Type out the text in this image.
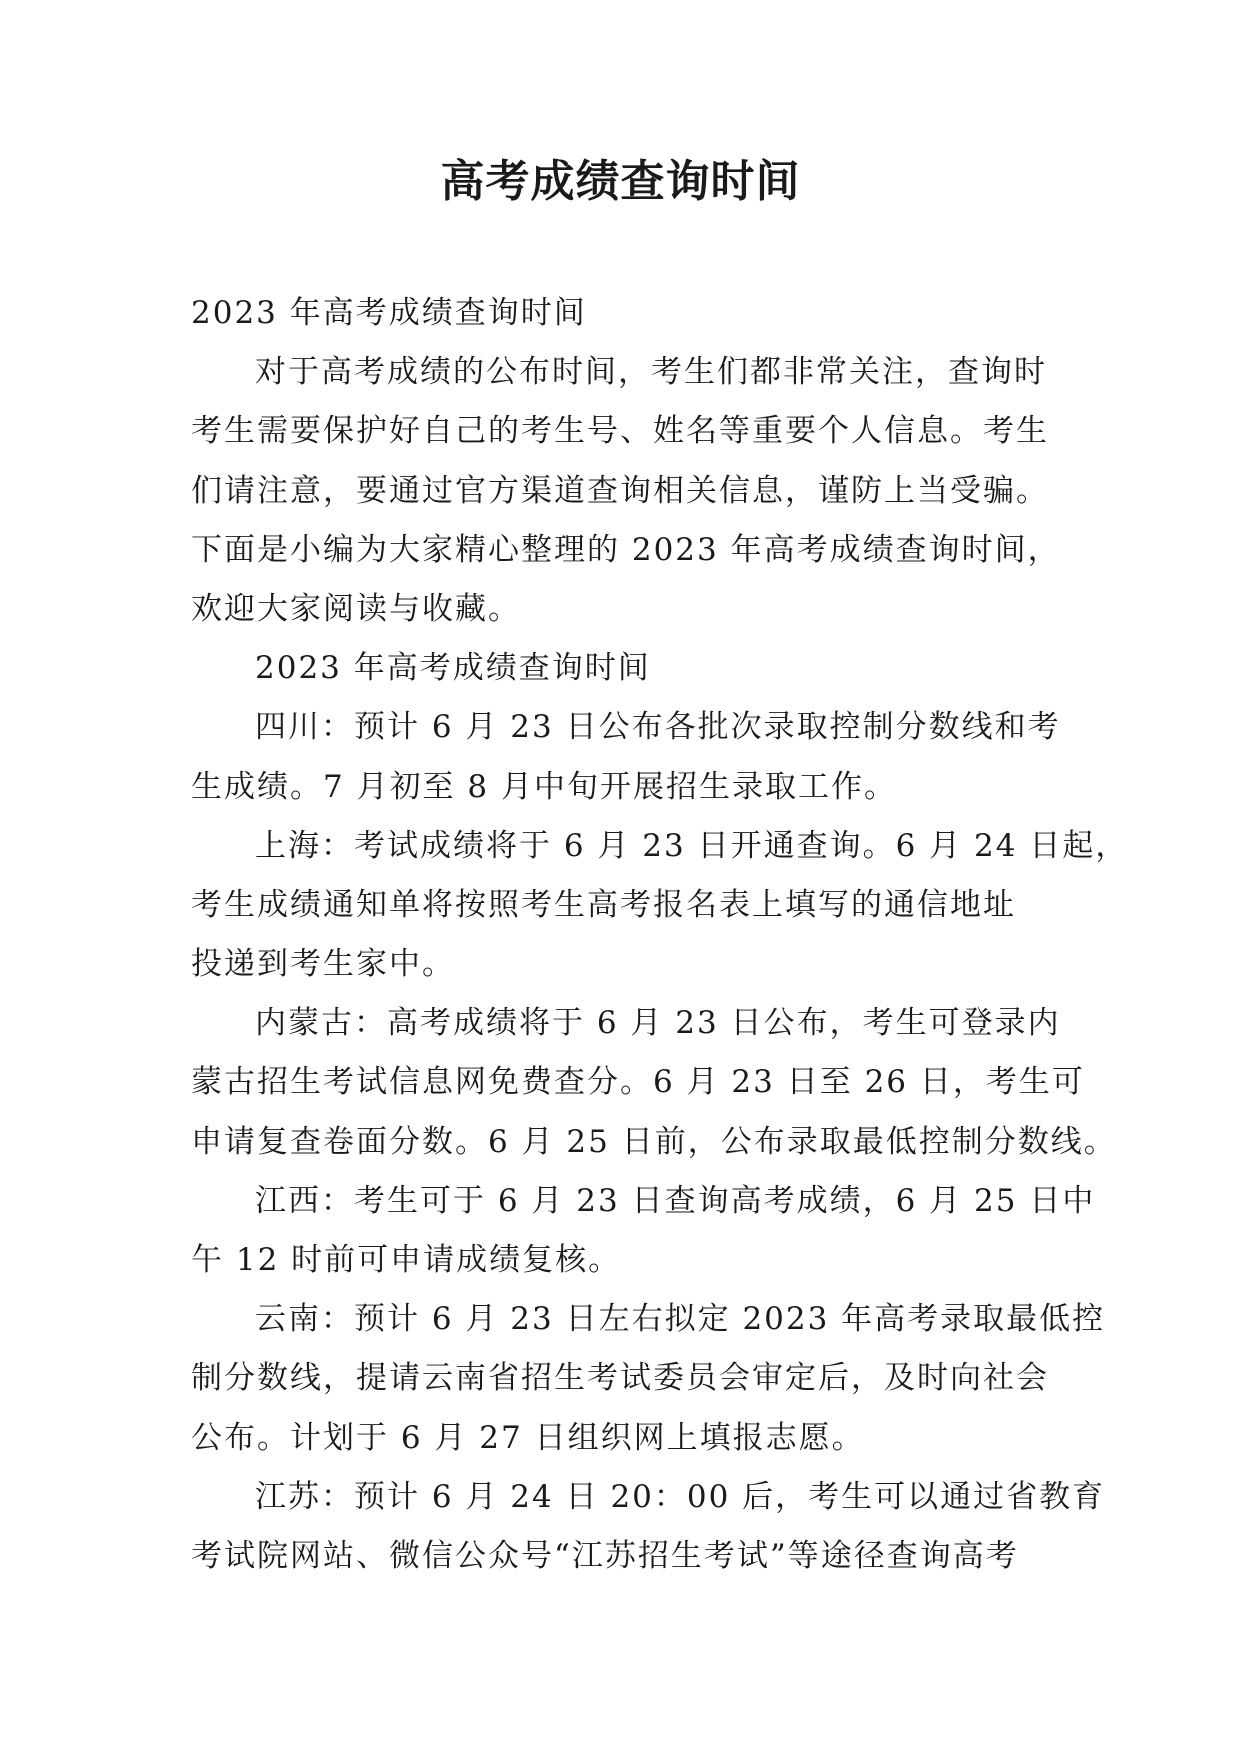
高考成绩查询时间
2023 年高考成绩查询时间
对于高考成绩的公布时间，考生们都非常关注，查询时
考生需要保护好自己的考生号、姓名等重要个人信息。考生
们请注意，要通过官方渠道查询相关信息，谨防上当受骗。
下面是小编为大家精心整理的 2023 年高考成绩查询时间，
欢迎大家阅读与收藏。
2023 年高考成绩查询时间
四川：预计 6 月 23 日公布各批次录取控制分数线和考
生成绩。7 月初至 8 月中旬开展招生录取工作。
上海：考试成绩将于 6 月 23 日开通查询。6 月 24 日起，
考生成绩通知单将按照考生高考报名表上填写的通信地址
投递到考生家中。
内蒙古：高考成绩将于 6 月 23 日公布，考生可登录内
蒙古招生考试信息网免费查分。6 月 23 日至 26 日，考生可
申请复查卷面分数。6 月 25 日前，公布录取最低控制分数线。
江西：考生可于 6 月 23 日查询高考成绩，6 月 25 日中
午 12 时前可申请成绩复核。
云南：预计 6 月 23 日左右拟定 2023 年高考录取最低控
制分数线，提请云南省招生考试委员会审定后，及时向社会
公布。计划于 6 月 27 日组织网上填报志愿。
江苏：预计 6 月 24 日 20：00 后，考生可以通过省教育
考试院网站、微信公众号“江苏招生考试”等途径查询高考
